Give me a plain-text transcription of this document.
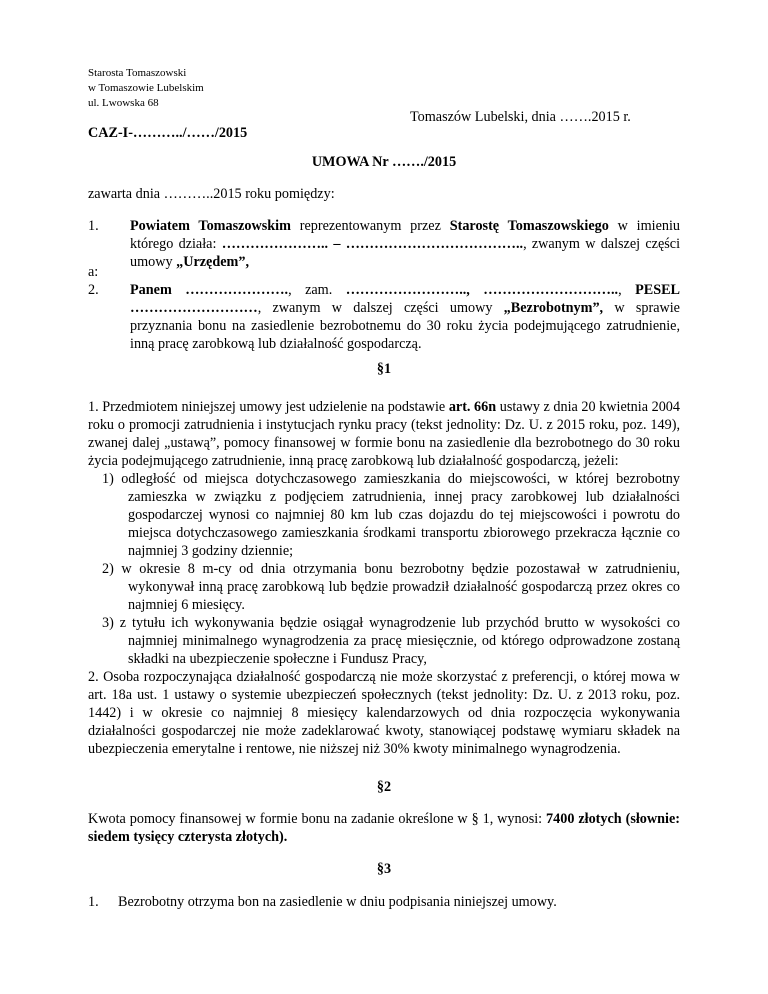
Starosta Tomaszowski
w Tomaszowie Lubelskim
ul. Lwowska 68
Tomaszów Lubelski, dnia …….2015 r.
CAZ-I-………../……/2015
UMOWA Nr ……./2015
zawarta dnia ………..2015 roku pomiędzy:
1. Powiatem Tomaszowskim reprezentowanym przez Starostę Tomaszowskiego w imieniu którego działa: ………………….. – ……………………………….., zwanym w dalszej części umowy „Urzędem”,
a:
2. Panem …………………., zam. …………………….., ……………………….., PESEL ………………………, zwanym w dalszej części umowy „Bezrobotnym”, w sprawie przyznania bonu na zasiedlenie bezrobotnemu do 30 roku życia podejmującego zatrudnienie, inną pracę zarobkową lub działalność gospodarczą.
§1
1. Przedmiotem niniejszej umowy jest udzielenie na podstawie art. 66n ustawy z dnia 20 kwietnia 2004 roku o promocji zatrudnienia i instytucjach rynku pracy (tekst jednolity: Dz. U. z 2015 roku, poz. 149), zwanej dalej „ustawą”, pomocy finansowej w formie bonu na zasiedlenie dla bezrobotnego do 30 roku życia podejmującego zatrudnienie, inną pracę zarobkową lub działalność gospodarczą, jeżeli:
1) odległość od miejsca dotychczasowego zamieszkania do miejscowości, w której bezrobotny zamieszka w związku z podjęciem zatrudnienia, innej pracy zarobkowej lub działalności gospodarczej wynosi co najmniej 80 km lub czas dojazdu do tej miejscowości i powrotu do miejsca dotychczasowego zamieszkania środkami transportu zbiorowego przekracza łącznie co najmniej 3 godziny dziennie;
2) w okresie 8 m-cy od dnia otrzymania bonu bezrobotny będzie pozostawał w zatrudnieniu, wykonywał inną pracę zarobkową lub będzie prowadził działalność gospodarczą przez okres co najmniej 6 miesięcy.
3) z tytułu ich wykonywania będzie osiągał wynagrodzenie lub przychód brutto w wysokości co najmniej minimalnego wynagrodzenia za pracę miesięcznie, od którego odprowadzone zostaną składki na ubezpieczenie społeczne i Fundusz Pracy,
2. Osoba rozpoczynająca działalność gospodarczą nie może skorzystać z preferencji, o której mowa w art. 18a ust. 1 ustawy o systemie ubezpieczeń społecznych (tekst jednolity: Dz. U. z 2013 roku, poz. 1442) i w okresie co najmniej 8 miesięcy kalendarzowych od dnia rozpoczęcia wykonywania działalności gospodarczej nie może zadeklarować kwoty, stanowiącej podstawę wymiaru składek na ubezpieczenia emerytalne i rentowe, nie niższej niż 30% kwoty minimalnego wynagrodzenia.
§2
Kwota pomocy finansowej w formie bonu na zadanie określone w § 1, wynosi: 7400 złotych (słownie: siedem tysięcy czterysta złotych).
§3
1. Bezrobotny otrzyma bon na zasiedlenie w dniu podpisania niniejszej umowy.
